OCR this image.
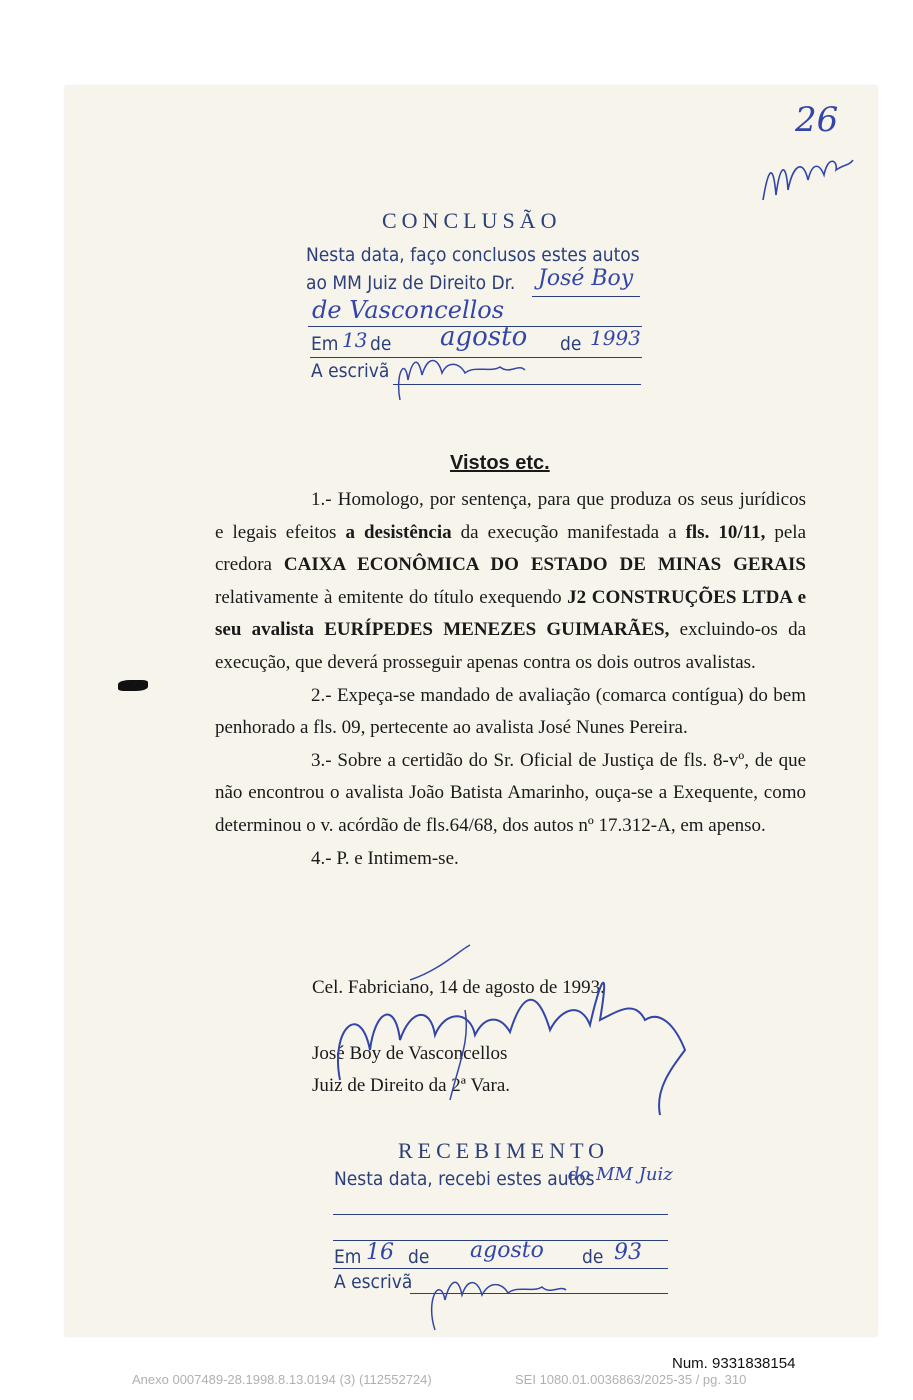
26
CONCLUSÃO
Nesta data, faço conclusos estes autos
ao MM Juiz de Direito Dr. José Boy
de Vasconcellos
Em 13 de agosto de 1993
A escrivã
Vistos etc.

1.- Homologo, por sentença, para que produza os seus jurídicos e legais efeitos a desistência da execução manifestada a fls. 10/11, pela credora CAIXA ECONÔMICA DO ESTADO DE MINAS GERAIS relativamente à emitente do título exequendo J2 CONSTRUÇÕES LTDA e seu avalista EURÍPEDES MENEZES GUIMARÃES, excluindo-os da execução, que deverá prosseguir apenas contra os dois outros avalistas.

2.- Expeça-se mandado de avaliação (comarca contígua) do bem penhorado a fls. 09, pertecente ao avalista José Nunes Pereira.

3.- Sobre a certidão do Sr. Oficial de Justiça de fls. 8-vº, de que não encontrou o avalista João Batista Amarinho, ouça-se a Exequente, como determinou o v. acórdão de fls.64/68, dos autos nº 17.312-A, em apenso.

4.- P. e Intimem-se.

Cel. Fabriciano, 14 de agosto de 1993.
José Boy de Vasconcellos
Juiz de Direito da 2ª Vara.
RECEBIMENTO
Nesta data, recebi estes autos
do MM Juiz
Em 16 de agosto de 93
A escrivã
Num. 9331838154
Anexo 0007489-28.1998.8.13.0194 (3) (112552724)	SEI 1080.01.0036863/2025-35 / pg. 310
